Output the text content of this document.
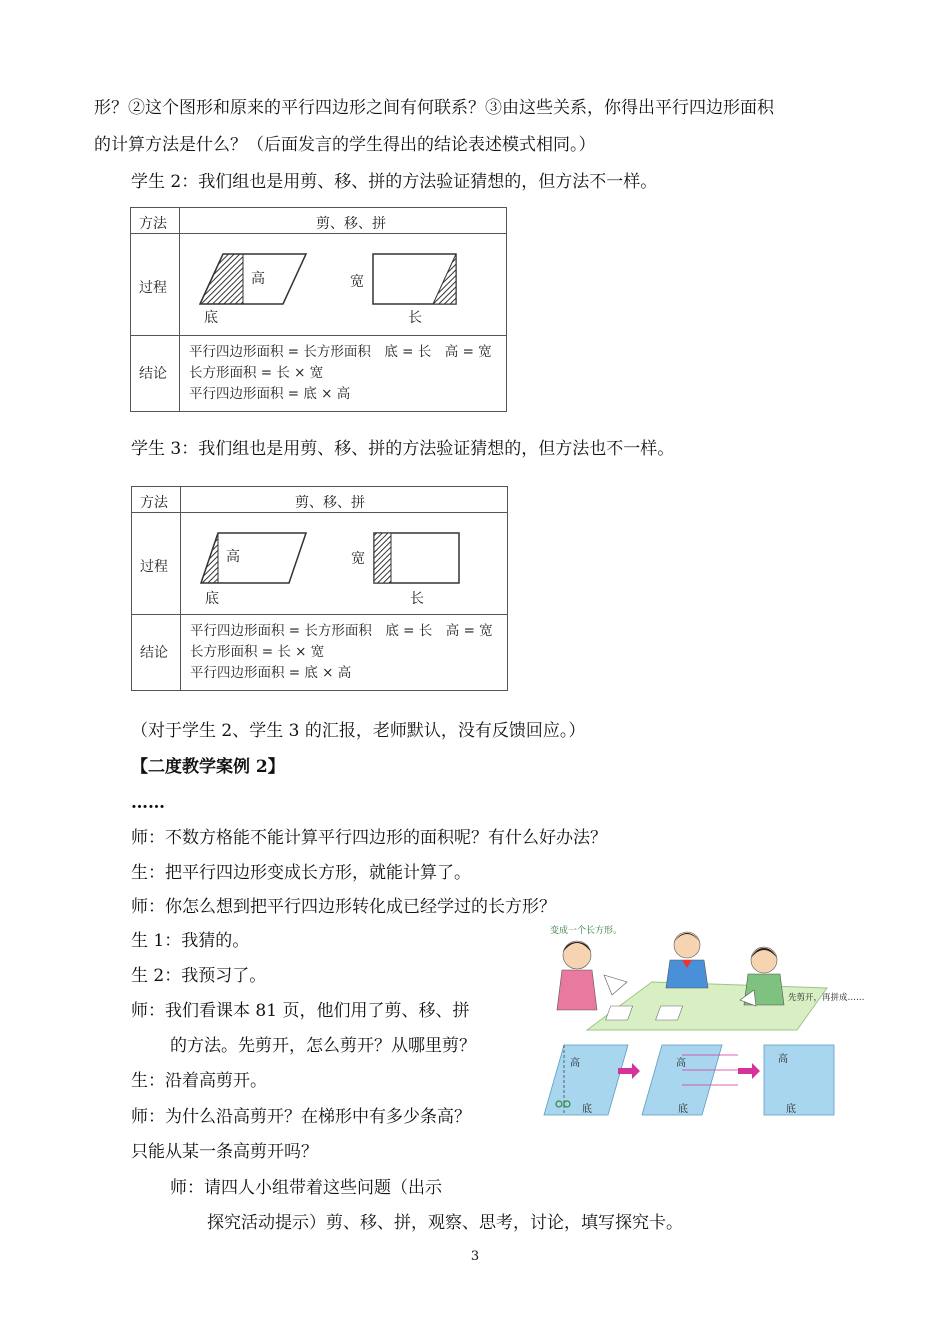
形？②这个图形和原来的平行四边形之间有何联系？③由这些关系，你得出平行四边形面积
的计算方法是什么？（后面发言的学生得出的结论表述模式相同。）
学生 2：我们组也是用剪、移、拼的方法验证猜想的，但方法不一样。
方法	剪、移、拼
过程
结论
高
底
宽
长
平行四边形面积 = 长方形面积　底 = 长　高 = 宽
长方形面积 = 长 × 宽
平行四边形面积 = 底 × 高
学生 3：我们组也是用剪、移、拼的方法验证猜想的，但方法也不一样。
方法	剪、移、拼
过程
结论
高
底
宽
长
平行四边形面积 = 长方形面积　底 = 长　高 = 宽
长方形面积 = 长 × 宽
平行四边形面积 = 底 × 高
（对于学生 2、学生 3 的汇报，老师默认，没有反馈回应。）
【二度教学案例 2】
……
师：不数方格能不能计算平行四边形的面积呢？有什么好办法？
生：把平行四边形变成长方形，就能计算了。
师：你怎么想到把平行四边形转化成已经学过的长方形？
生 1：我猜的。
生 2：我预习了。
师：我们看课本 81 页，他们用了剪、移、拼
的方法。先剪开，怎么剪开？从哪里剪？
生：沿着高剪开。
师：为什么沿高剪开？在梯形中有多少条高？
只能从某一条高剪开吗？
师：请四人小组带着这些问题（出示
探究活动提示）剪、移、拼，观察、思考，讨论，填写探究卡。
变成一个长方形。
先剪开，再拼成……
高
底
高
底
高
底
3
